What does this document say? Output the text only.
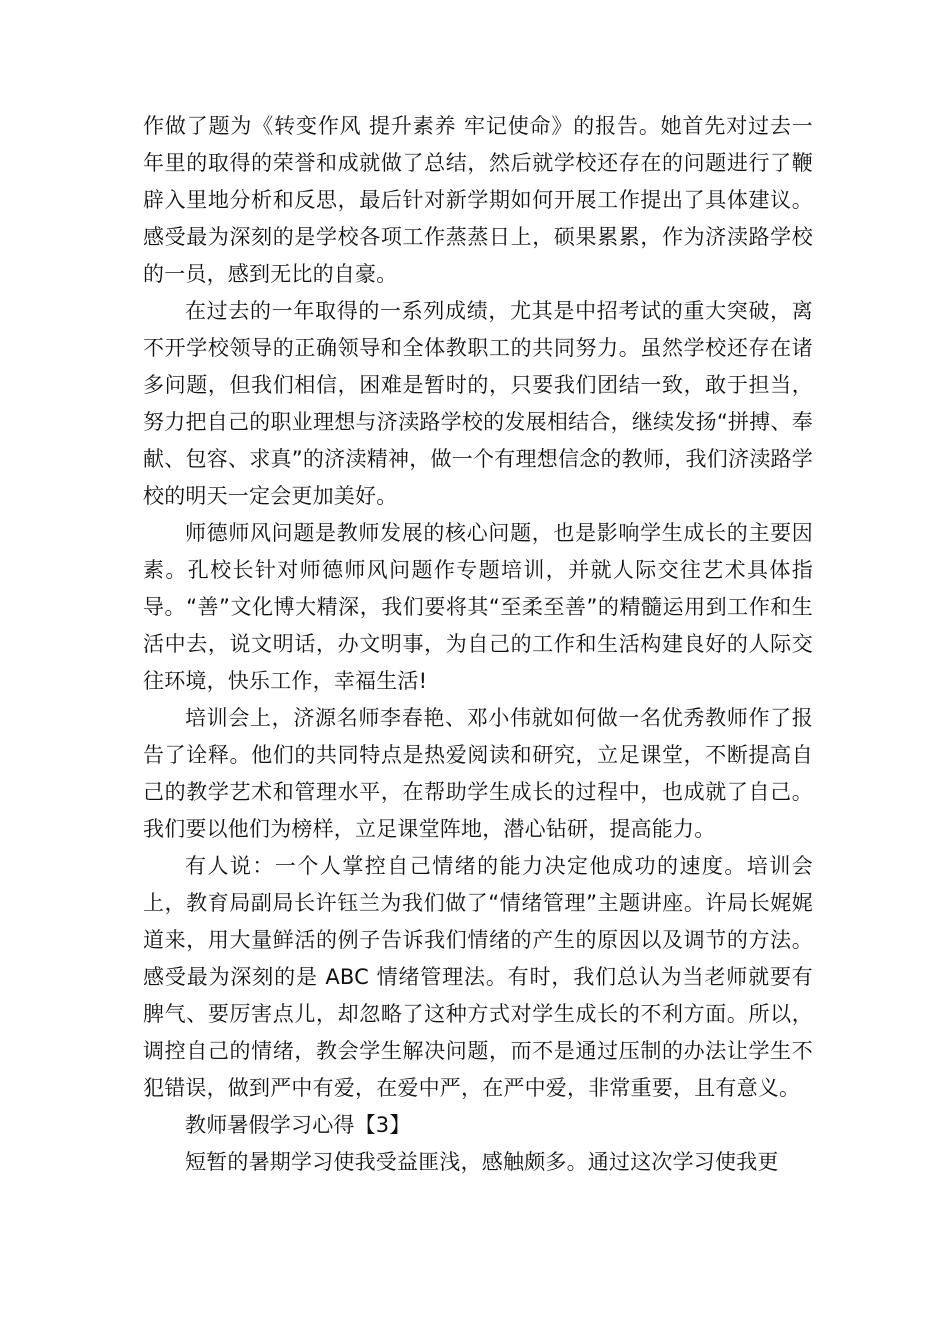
作做了题为《转变作风 提升素养 牢记使命》的报告。她首先对过去一年里的取得的荣誉和成就做了总结，然后就学校还存在的问题进行了鞭辟入里地分析和反思，最后针对新学期如何开展工作提出了具体建议。感受最为深刻的是学校各项工作蒸蒸日上，硕果累累，作为济渎路学校的一员，感到无比的自豪。

在过去的一年取得的一系列成绩，尤其是中招考试的重大突破，离不开学校领导的正确领导和全体教职工的共同努力。虽然学校还存在诸多问题，但我们相信，困难是暂时的，只要我们团结一致，敢于担当，努力把自己的职业理想与济渎路学校的发展相结合，继续发扬“拼搏、奉献、包容、求真”的济渎精神，做一个有理想信念的教师，我们济渎路学校的明天一定会更加美好。

师德师风问题是教师发展的核心问题，也是影响学生成长的主要因素。孔校长针对师德师风问题作专题培训，并就人际交往艺术具体指导。“善”文化博大精深，我们要将其“至柔至善”的精髓运用到工作和生活中去，说文明话，办文明事，为自己的工作和生活构建良好的人际交往环境，快乐工作，幸福生活!

培训会上，济源名师李春艳、邓小伟就如何做一名优秀教师作了报告了诠释。他们的共同特点是热爱阅读和研究，立足课堂，不断提高自己的教学艺术和管理水平，在帮助学生成长的过程中，也成就了自己。我们要以他们为榜样，立足课堂阵地，潜心钻研，提高能力。

有人说：一个人掌控自己情绪的能力决定他成功的速度。培训会上，教育局副局长许钰兰为我们做了“情绪管理”主题讲座。许局长娓娓道来，用大量鲜活的例子告诉我们情绪的产生的原因以及调节的方法。感受最为深刻的是 ABC 情绪管理法。有时，我们总认为当老师就要有脾气、要厉害点儿，却忽略了这种方式对学生成长的不利方面。所以，调控自己的情绪，教会学生解决问题，而不是通过压制的办法让学生不犯错误，做到严中有爱，在爱中严，在严中爱，非常重要，且有意义。

教师暑假学习心得【3】

短暂的暑期学习使我受益匪浅，感触颇多。通过这次学习使我更
